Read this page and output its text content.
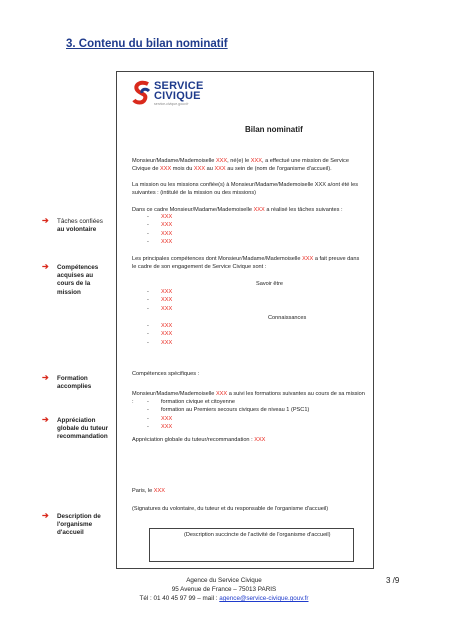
3. Contenu du bilan nominatif
SERVICE
CIVIQUE
service-civique.gouv.fr
Bilan nominatif
Monsieur/Madame/Mademoiselle XXX, né(e) le XXX, a effectué une mission de Service Civique de XXX mois du XXX au XXX au sein de (nom de l'organisme d'accueil).
La mission ou les missions confiée(s) à Monsieur/Madame/Mademoiselle XXX a/ont été les suivantes : (intitulé de la mission ou des missions)
Dans ce cadre Monsieur/Madame/Mademoiselle XXX a réalisé les tâches suivantes :
-	XXX
-	XXX
-	XXX
-	XXX
Les principales compétences dont Monsieur/Madame/Mademoiselle XXX a fait preuve dans le cadre de son engagement de Service Civique sont :
Savoir être
-	XXX
-	XXX
-	XXX
Connaissances
-	XXX
-	XXX
-	XXX
Compétences spécifiques :
Monsieur/Madame/Mademoiselle XXX a suivi les formations suivantes au cours de sa mission :	-	formation civique et citoyenne
-	formation au Premiers secours civiques de niveau 1 (PSC1)
-	XXX
-	XXX
Appréciation globale du tuteur/recommandation : XXX
Paris, le XXX
(Signatures du volontaire, du tuteur et du responsable de l'organisme d'accueil)
(Description succincte de l'activité de l'organisme d'accueil)
➔ Tâches confiées
au volontaire
➔ Compétences
acquises au
cours de la
mission
➔ Formation
accomplies
➔ Appréciation
globale du tuteur
recommandation
➔ Description de
l'organisme
d'accueil
Agence du Service Civique
95 Avenue de France – 75013 PARIS
Tél : 01 40 45 97 99 – mail : agence@service-civique.gouv.fr
3 /9
